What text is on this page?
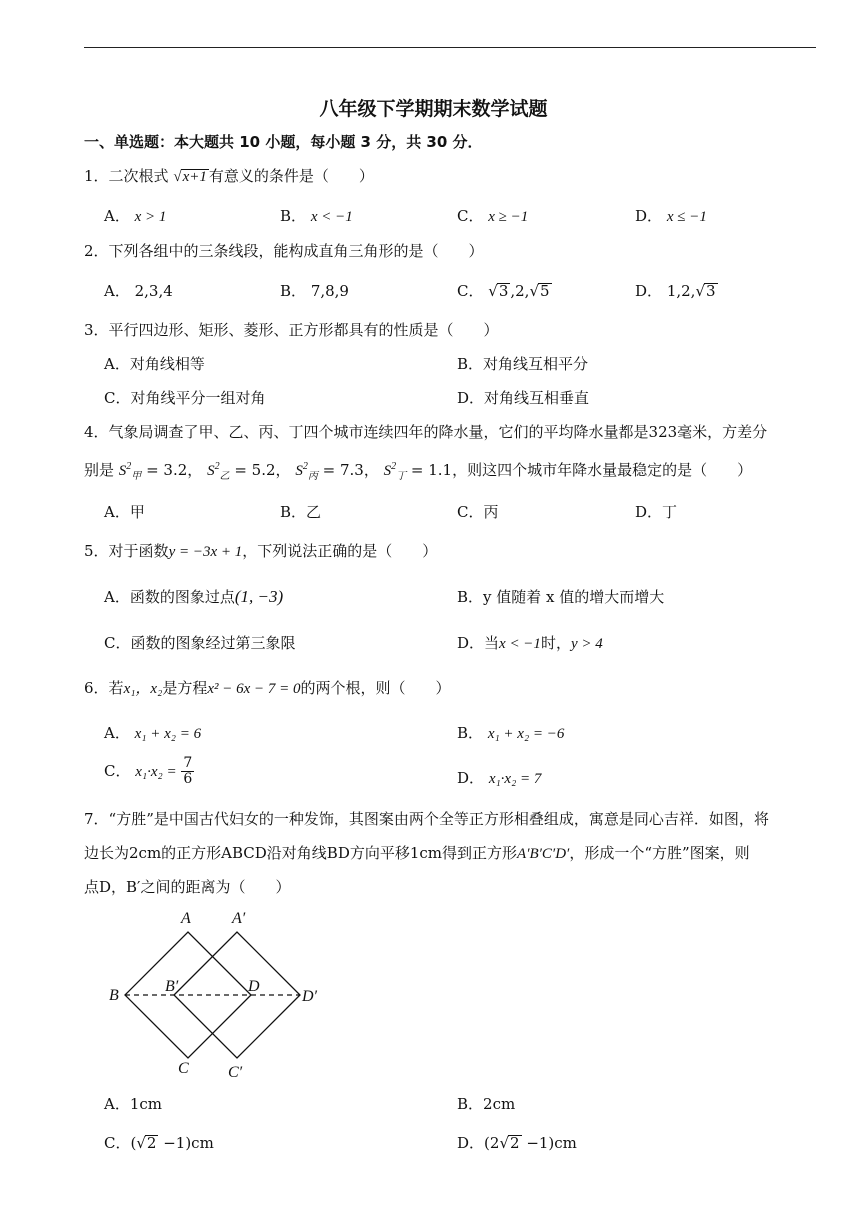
八年级下学期期末数学试题
一、单选题：本大题共 10 小题，每小题 3 分，共 30 分．
1．二次根式 √x+1 有意义的条件是（　　）
A． x > 1	B． x < −1	C． x ≥ −1	D． x ≤ −1
2．下列各组中的三条线段，能构成直角三角形的是（　　）
A． 2,3,4	B． 7,8,9	C． √3 ,2,√5	D． 1,2,√3
3．平行四边形、矩形、菱形、正方形都具有的性质是（　　）
A．对角线相等	B．对角线互相平分
C．对角线平分一组对角	D．对角线互相垂直
4．气象局调查了甲、乙、丙、丁四个城市连续四年的降水量，它们的平均降水量都是323毫米，方差分
别是 $S^2_甲 = 3.2$， $S^2_乙 = 5.2$， $S^2_丙 = 7.3$， $S^2_丁 = 1.1$，则这四个城市年降水量最稳定的是（　　）
A．甲	B．乙	C．丙	D．丁
5．对于函数y = −3x + 1，下列说法正确的是（　　）
A．函数的图象过点(1, −3)	B．y 值随着 x 值的增大而增大
C．函数的图象经过第三象限	D．当x < −1时，y > 4
6．若x₁，x₂是方程x² − 6x − 7 = 0的两个根，则（　　）
A． x₁ + x₂ = 6	B． x₁ + x₂ = −6
C． $x_1\cdot x_2 = \frac{7}{6}$	D． x₁·x₂ = 7
7．“方胜”是中国古代妇女的一种发饰，其图案由两个全等正方形相叠组成，寓意是同心吉祥．如图，将
边长为2cm的正方形ABCD沿对角线BD方向平移1cm得到正方形A′B′C′D′，形成一个“方胜”图案，则
点D，B′之间的距离为（　　）
A	A′
B
B′	D
D′
C C′
A．1cm	B．2cm
C．(√2 −1)cm	D．(2√2 −1)cm
